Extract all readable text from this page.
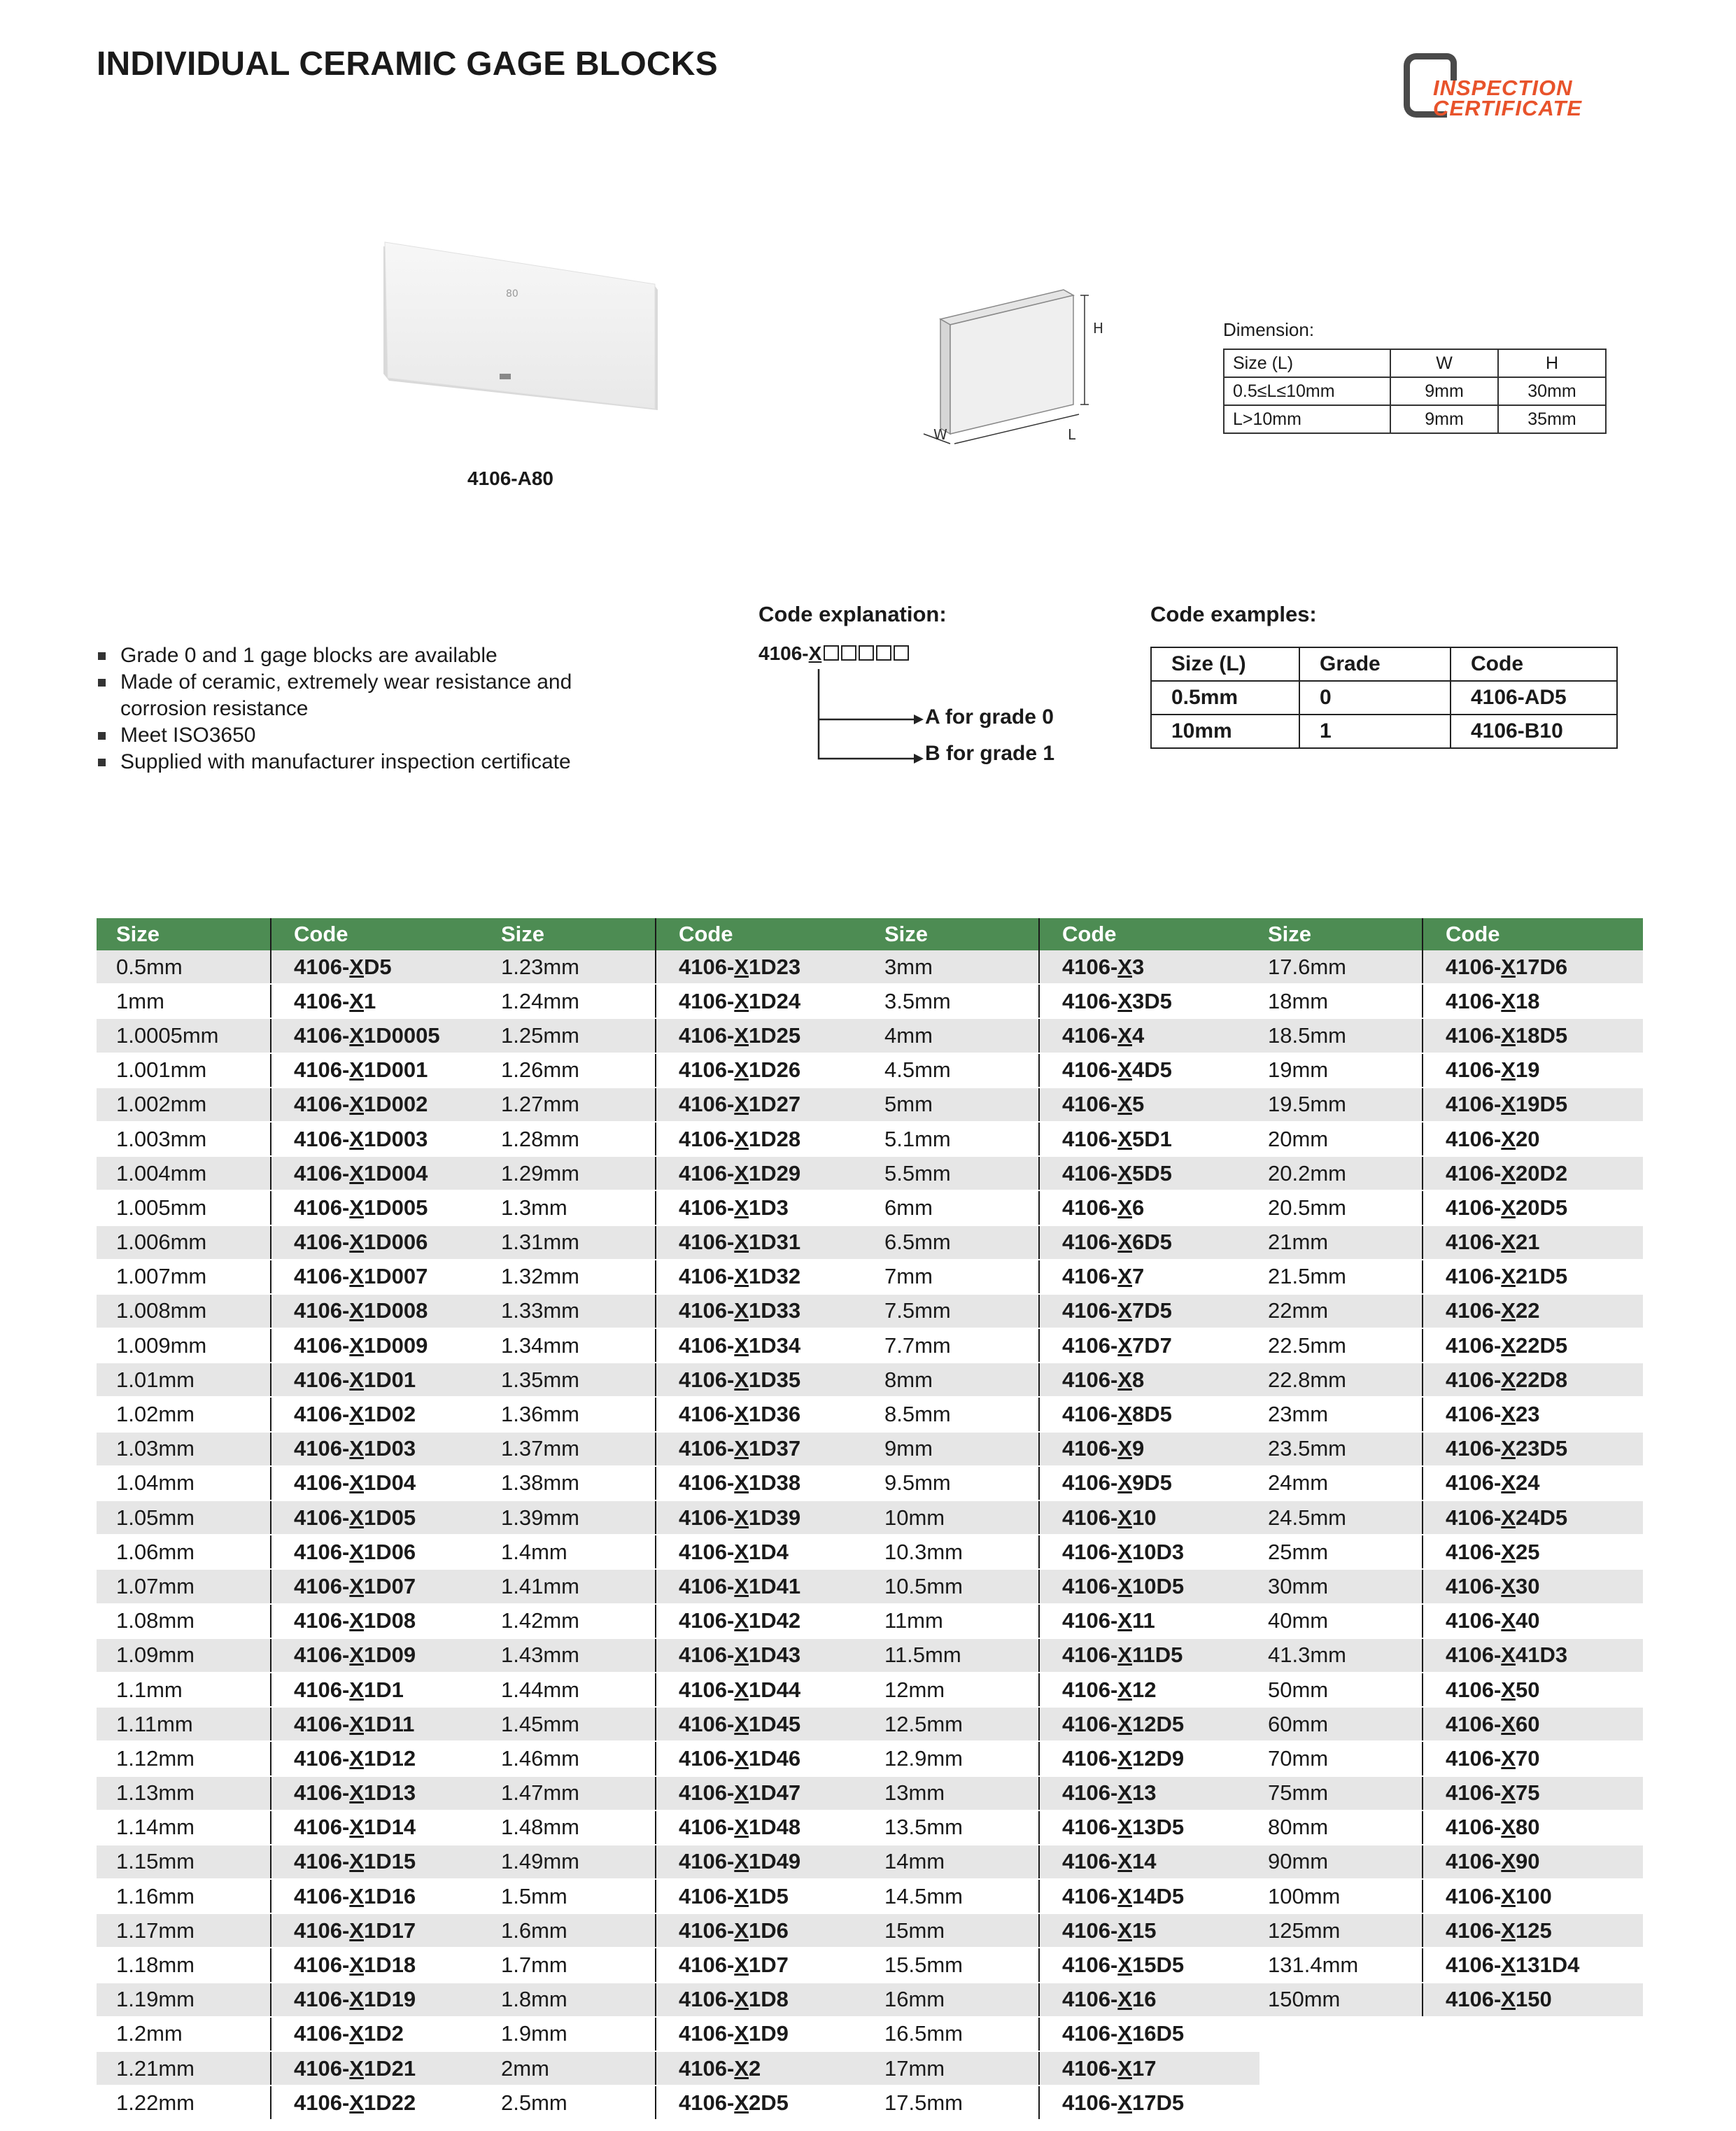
INDIVIDUAL CERAMIC GAGE BLOCKS
INSPECTION
CERTIFICATE
80
4106-A80
H
L
W
Dimension:
Size (L)	W	H
0.5≤L≤10mm	9mm	30mm
L>10mm	9mm	35mm
Grade 0 and 1 gage blocks are available
Made of ceramic, extremely wear resistance and
corrosion resistance
Meet ISO3650
Supplied with manufacturer inspection certificate
Code explanation:
4106-X
A for grade 0
B for grade 1
Code examples:
Size (L)	Grade	Code
0.5mm	0	4106-AD5
10mm	1	4106-B10
Size	Code
0.5mm	4106-XD5
1mm	4106-X1
1.0005mm	4106-X1D0005
1.001mm	4106-X1D001
1.002mm	4106-X1D002
1.003mm	4106-X1D003
1.004mm	4106-X1D004
1.005mm	4106-X1D005
1.006mm	4106-X1D006
1.007mm	4106-X1D007
1.008mm	4106-X1D008
1.009mm	4106-X1D009
1.01mm	4106-X1D01
1.02mm	4106-X1D02
1.03mm	4106-X1D03
1.04mm	4106-X1D04
1.05mm	4106-X1D05
1.06mm	4106-X1D06
1.07mm	4106-X1D07
1.08mm	4106-X1D08
1.09mm	4106-X1D09
1.1mm	4106-X1D1
1.11mm	4106-X1D11
1.12mm	4106-X1D12
1.13mm	4106-X1D13
1.14mm	4106-X1D14
1.15mm	4106-X1D15
1.16mm	4106-X1D16
1.17mm	4106-X1D17
1.18mm	4106-X1D18
1.19mm	4106-X1D19
1.2mm	4106-X1D2
1.21mm	4106-X1D21
1.22mm	4106-X1D22
Size	Code
1.23mm	4106-X1D23
1.24mm	4106-X1D24
1.25mm	4106-X1D25
1.26mm	4106-X1D26
1.27mm	4106-X1D27
1.28mm	4106-X1D28
1.29mm	4106-X1D29
1.3mm	4106-X1D3
1.31mm	4106-X1D31
1.32mm	4106-X1D32
1.33mm	4106-X1D33
1.34mm	4106-X1D34
1.35mm	4106-X1D35
1.36mm	4106-X1D36
1.37mm	4106-X1D37
1.38mm	4106-X1D38
1.39mm	4106-X1D39
1.4mm	4106-X1D4
1.41mm	4106-X1D41
1.42mm	4106-X1D42
1.43mm	4106-X1D43
1.44mm	4106-X1D44
1.45mm	4106-X1D45
1.46mm	4106-X1D46
1.47mm	4106-X1D47
1.48mm	4106-X1D48
1.49mm	4106-X1D49
1.5mm	4106-X1D5
1.6mm	4106-X1D6
1.7mm	4106-X1D7
1.8mm	4106-X1D8
1.9mm	4106-X1D9
2mm	4106-X2
2.5mm	4106-X2D5
Size	Code
3mm	4106-X3
3.5mm	4106-X3D5
4mm	4106-X4
4.5mm	4106-X4D5
5mm	4106-X5
5.1mm	4106-X5D1
5.5mm	4106-X5D5
6mm	4106-X6
6.5mm	4106-X6D5
7mm	4106-X7
7.5mm	4106-X7D5
7.7mm	4106-X7D7
8mm	4106-X8
8.5mm	4106-X8D5
9mm	4106-X9
9.5mm	4106-X9D5
10mm	4106-X10
10.3mm	4106-X10D3
10.5mm	4106-X10D5
11mm	4106-X11
11.5mm	4106-X11D5
12mm	4106-X12
12.5mm	4106-X12D5
12.9mm	4106-X12D9
13mm	4106-X13
13.5mm	4106-X13D5
14mm	4106-X14
14.5mm	4106-X14D5
15mm	4106-X15
15.5mm	4106-X15D5
16mm	4106-X16
16.5mm	4106-X16D5
17mm	4106-X17
17.5mm	4106-X17D5
Size	Code
17.6mm	4106-X17D6
18mm	4106-X18
18.5mm	4106-X18D5
19mm	4106-X19
19.5mm	4106-X19D5
20mm	4106-X20
20.2mm	4106-X20D2
20.5mm	4106-X20D5
21mm	4106-X21
21.5mm	4106-X21D5
22mm	4106-X22
22.5mm	4106-X22D5
22.8mm	4106-X22D8
23mm	4106-X23
23.5mm	4106-X23D5
24mm	4106-X24
24.5mm	4106-X24D5
25mm	4106-X25
30mm	4106-X30
40mm	4106-X40
41.3mm	4106-X41D3
50mm	4106-X50
60mm	4106-X60
70mm	4106-X70
75mm	4106-X75
80mm	4106-X80
90mm	4106-X90
100mm	4106-X100
125mm	4106-X125
131.4mm	4106-X131D4
150mm	4106-X150
